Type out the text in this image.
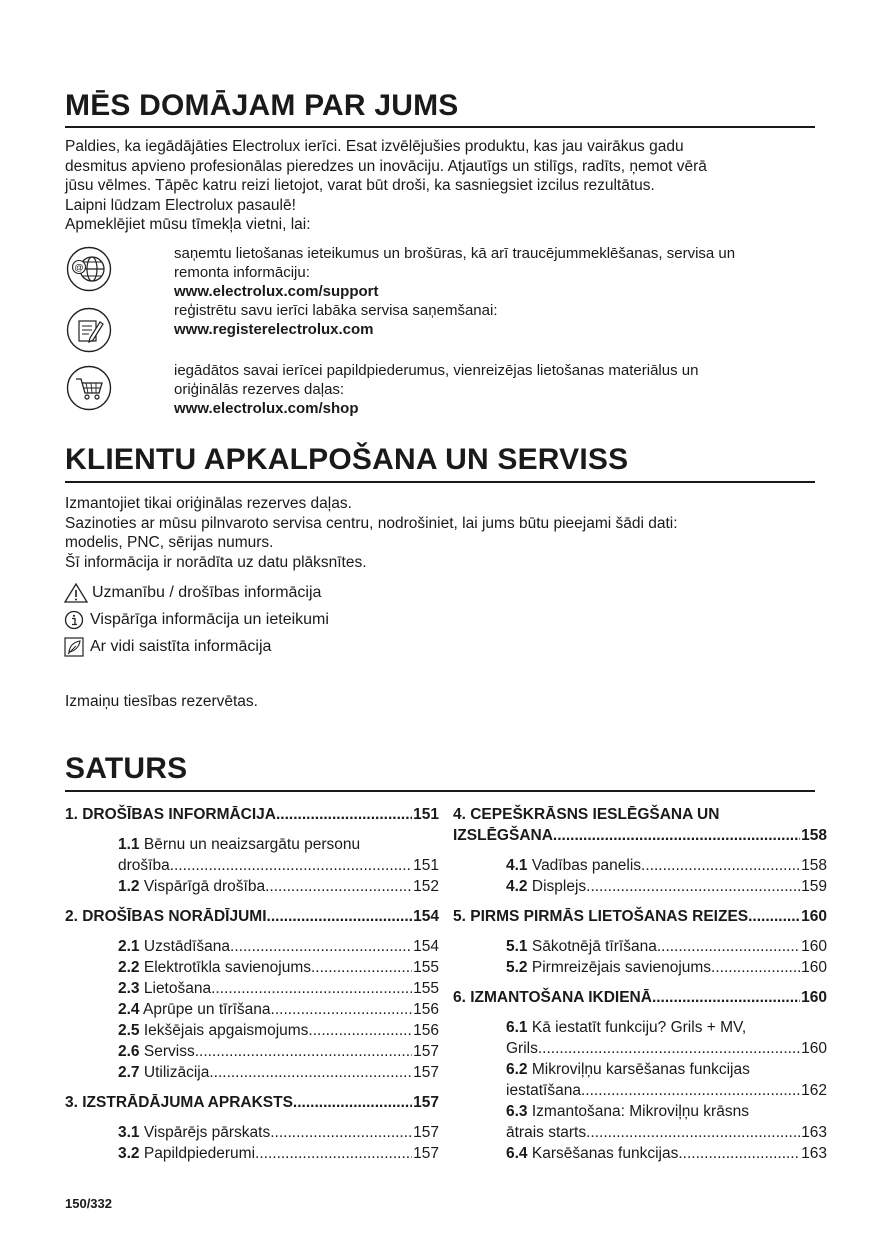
MĒS DOMĀJAM PAR JUMS
Paldies, ka iegādājāties Electrolux ierīci. Esat izvēlējušies produktu, kas jau vairākus gadu
desmitus apvieno profesionālas pieredzes un inovāciju. Atjautīgs un stilīgs, radīts, ņemot vērā
jūsu vēlmes. Tāpēc katru reizi lietojot, varat būt droši, ka sasniegsiet izcilus rezultātus.
Laipni lūdzam Electrolux pasaulē!
Apmeklējiet mūsu tīmekļa vietni, lai:
@
saņemtu lietošanas ieteikumus un brošūras, kā arī traucējummeklēšanas, servisa un
remonta informāciju:
www.electrolux.com/support
reģistrētu savu ierīci labāka servisa saņemšanai:
www.registerelectrolux.com
iegādātos savai ierīcei papildpiederumus, vienreizējas lietošanas materiālus un
oriģinālās rezerves daļas:
www.electrolux.com/shop
KLIENTU APKALPOŠANA UN SERVISS
Izmantojiet tikai oriģinālas rezerves daļas.
Sazinoties ar mūsu pilnvaroto servisa centru, nodrošiniet, lai jums būtu pieejami šādi dati:
modelis, PNC, sērijas numurs.
Šī informācija ir norādīta uz datu plāksnītes.
Uzmanību / drošības informācija
Vispārīga informācija un ieteikumi
Ar vidi saistīta informācija
Izmaiņu tiesības rezervētas.
SATURS
1. DROŠĪBAS INFORMĀCIJA .....	151
1.1 Bērnu un neaizsargātu personu
drošība .....	151
1.2 Vispārīgā drošība .....	152
2. DROŠĪBAS NORĀDĪJUMI .....	154
2.1 Uzstādīšana .....	154
2.2 Elektrotīkla savienojums .....	155
2.3 Lietošana .....	155
2.4 Aprūpe un tīrīšana .....	156
2.5 Iekšējais apgaismojums .....	156
2.6 Serviss .....	157
2.7 Utilizācija .....	157
3. IZSTRĀDĀJUMA APRAKSTS .....	157
3.1 Vispārējs pārskats .....	157
3.2 Papildpiederumi .....	157
4. CEPEŠKRĀSNS IESLĒGŠANA UN
IZSLĒGŠANA .....	158
4.1 Vadības panelis .....	158
4.2 Displejs .....	159
5. PIRMS PIRMĀS LIETOŠANAS REIZES .....	160
5.1 Sākotnējā tīrīšana .....	160
5.2 Pirmreizējais savienojums .....	160
6. IZMANTOŠANA IKDIENĀ .....	160
6.1 Kā iestatīt funkciju? Grils + MV,
Grils .....	160
6.2 Mikroviļņu karsēšanas funkcijas
iestatīšana .....	162
6.3 Izmantošana: Mikroviļņu krāsns
ātrais starts .....	163
6.4 Karsēšanas funkcijas .....	163
150/332
